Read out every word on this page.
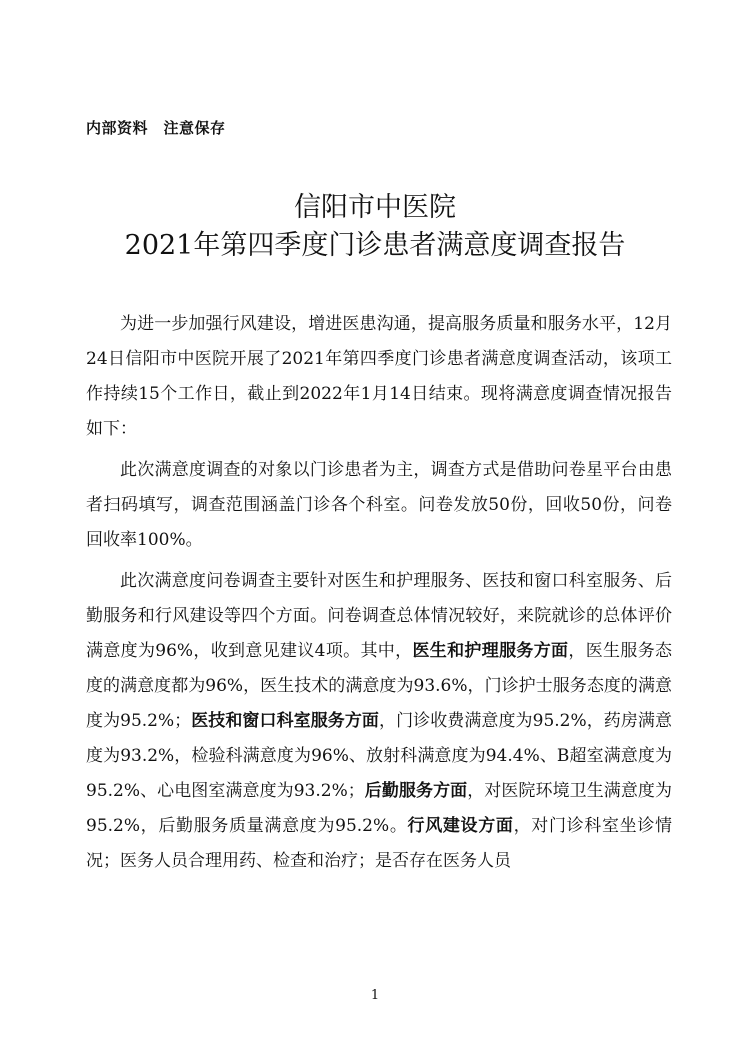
内部资料　注意保存
信阳市中医院
2021年第四季度门诊患者满意度调查报告

为进一步加强行风建设，增进医患沟通，提高服务质量和服务水平，12月24日信阳市中医院开展了2021年第四季度门诊患者满意度调查活动，该项工作持续15个工作日，截止到2022年1月14日结束。现将满意度调查情况报告如下：

此次满意度调查的对象以门诊患者为主，调查方式是借助问卷星平台由患者扫码填写，调查范围涵盖门诊各个科室。问卷发放50份，回收50份，问卷回收率100%。

此次满意度问卷调查主要针对医生和护理服务、医技和窗口科室服务、后勤服务和行风建设等四个方面。问卷调查总体情况较好，来院就诊的总体评价满意度为96%，收到意见建议4项。其中，医生和护理服务方面，医生服务态度的满意度都为96%，医生技术的满意度为93.6%，门诊护士服务态度的满意度为95.2%；医技和窗口科室服务方面，门诊收费满意度为95.2%，药房满意度为93.2%，检验科满意度为96%、放射科满意度为94.4%、B超室满意度为95.2%、心电图室满意度为93.2%；后勤服务方面，对医院环境卫生满意度为95.2%，后勤服务质量满意度为95.2%。行风建设方面，对门诊科室坐诊情况；医务人员合理用药、检查和治疗；是否存在医务人员

1
